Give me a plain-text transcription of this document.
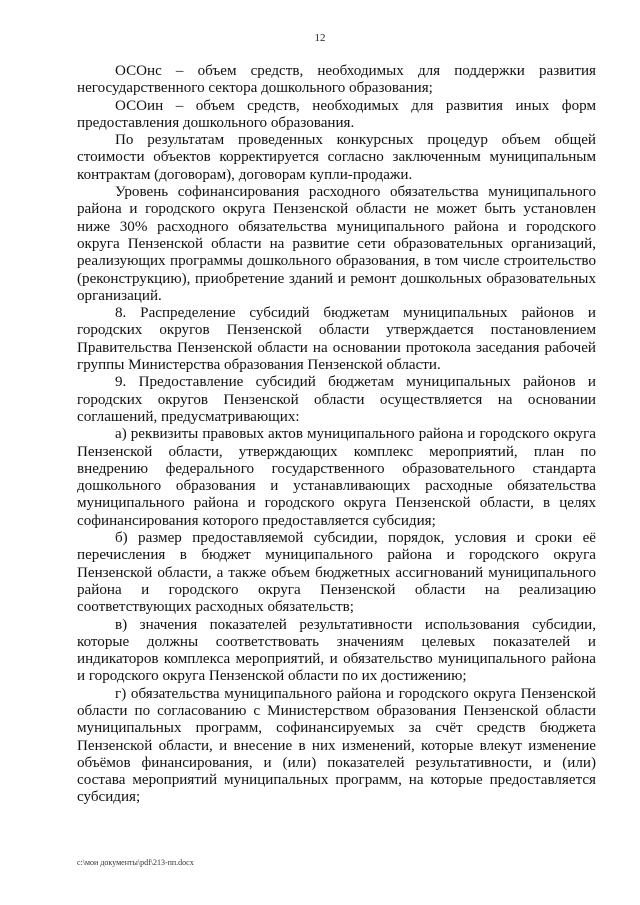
12

ОСОнс – объем средств, необходимых для поддержки развития негосударственного сектора дошкольного образования;

ОСОин – объем средств, необходимых для развития иных форм предоставления дошкольного образования.

По результатам проведенных конкурсных процедур объем общей стоимости объектов корректируется согласно заключенным муниципальным контрактам (договорам), договорам купли-продажи.

Уровень софинансирования расходного обязательства муниципального района и городского округа Пензенской области не может быть установлен ниже 30% расходного обязательства муниципального района и городского округа Пензенской области на развитие сети образовательных организаций, реализующих программы дошкольного образования, в том числе строительство (реконструкцию), приобретение зданий и ремонт дошкольных образовательных организаций.

8. Распределение субсидий бюджетам муниципальных районов и городских округов Пензенской области утверждается постановлением Правительства Пензенской области на основании протокола заседания рабочей группы Министерства образования Пензенской области.

9. Предоставление субсидий бюджетам муниципальных районов и городских округов Пензенской области осуществляется на основании соглашений, предусматривающих:

а) реквизиты правовых актов муниципального района и городского округа Пензенской области, утверждающих комплекс мероприятий, план по внедрению федерального государственного образовательного стандарта дошкольного образования и устанавливающих расходные обязательства муниципального района и городского округа Пензенской области, в целях софинансирования которого предоставляется субсидия;

б) размер предоставляемой субсидии, порядок, условия и сроки её перечисления в бюджет муниципального района и городского округа Пензенской области, а также объем бюджетных ассигнований муниципального района и городского округа Пензенской области на реализацию соответствующих расходных обязательств;

в) значения показателей результативности использования субсидии, которые должны соответствовать значениям целевых показателей и индикаторов комплекса мероприятий, и обязательство муниципального района и городского округа Пензенской области по их достижению;

г) обязательства муниципального района и городского округа Пензенской области по согласованию с Министерством образования Пензенской области муниципальных программ, софинансируемых за счёт средств бюджета Пензенской области, и внесение в них изменений, которые влекут изменение объёмов финансирования, и (или) показателей результативности, и (или) состава мероприятий муниципальных программ, на которые предоставляется субсидия;

c:\мои документы\pdf\213-пп.docx
